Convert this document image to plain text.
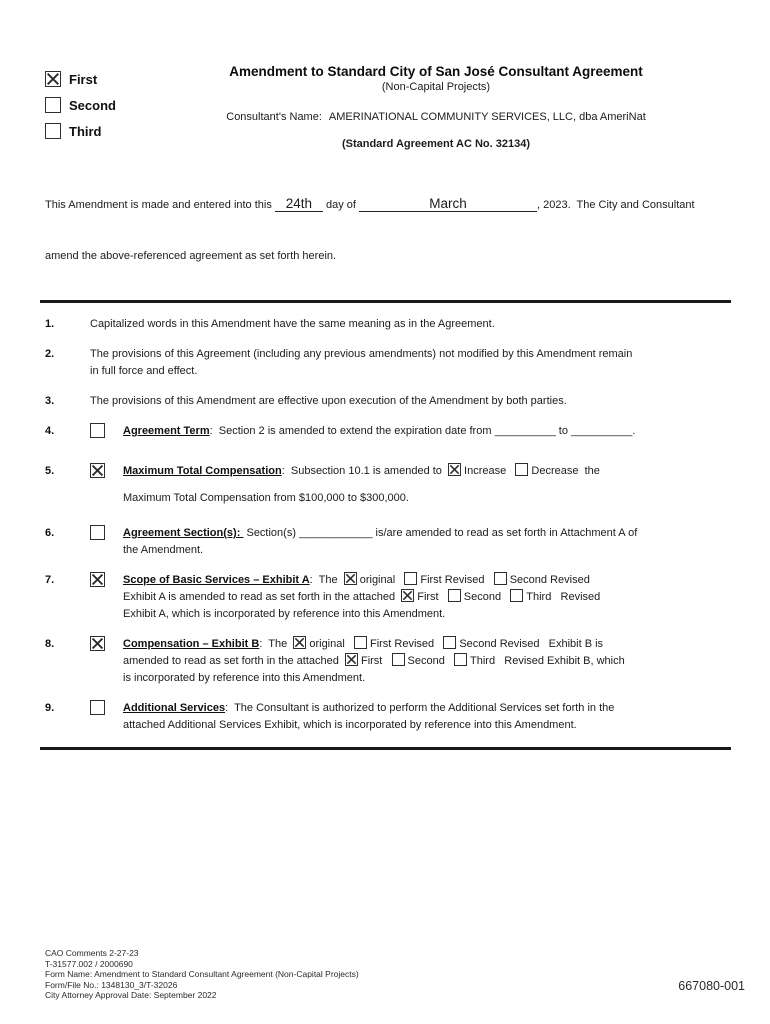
First
Second
Third
Amendment to Standard City of San José Consultant Agreement
(Non-Capital Projects)
Consultant's Name: AMERINATIONAL COMMUNITY SERVICES, LLC, dba AmeriNat
(Standard Agreement AC No. 32134)

This Amendment is made and entered into this 24th day of	March	, 2023.  The City and Consultant

amend the above-referenced agreement as set forth herein.

1.	Capitalized words in this Amendment have the same meaning as in the Agreement.
2.	The provisions of this Agreement (including any previous amendments) not modified by this Amendment remain
in full force and effect.
3.	The provisions of this Amendment are effective upon execution of the Amendment by both parties.
4.	Agreement Term:  Section 2 is amended to extend the expiration date from __________ to __________.
5.	Maximum Total Compensation:  Subsection 10.1 is amended to
Increase Decrease  the
Maximum Total Compensation from $100,000 to $300,000.
6.	Agreement Section(s):  Section(s) ____________ is/are amended to read as set forth in Attachment A of
the Amendment.
7.	Scope of Basic Services – Exhibit A:  The
original First Revised Second Revised
Exhibit A is amended to read as set forth in the attached
First Second Third   Revised
Exhibit A, which is incorporated by reference into this Amendment.
8.	Compensation – Exhibit B:  The
original First Revised Second Revised   Exhibit B is
amended to read as set forth in the attached
First Second Third   Revised Exhibit B, which
is incorporated by reference into this Amendment.
9.	Additional Services:  The Consultant is authorized to perform the Additional Services set forth in the
attached Additional Services Exhibit, which is incorporated by reference into this Amendment.
CAO Comments 2-27-23
T-31577.002 / 2000690
Form Name: Amendment to Standard Consultant Agreement (Non-Capital Projects)
Form/File No.: 1348130_3/T-32026
City Attorney Approval Date: September 2022
667080-001
